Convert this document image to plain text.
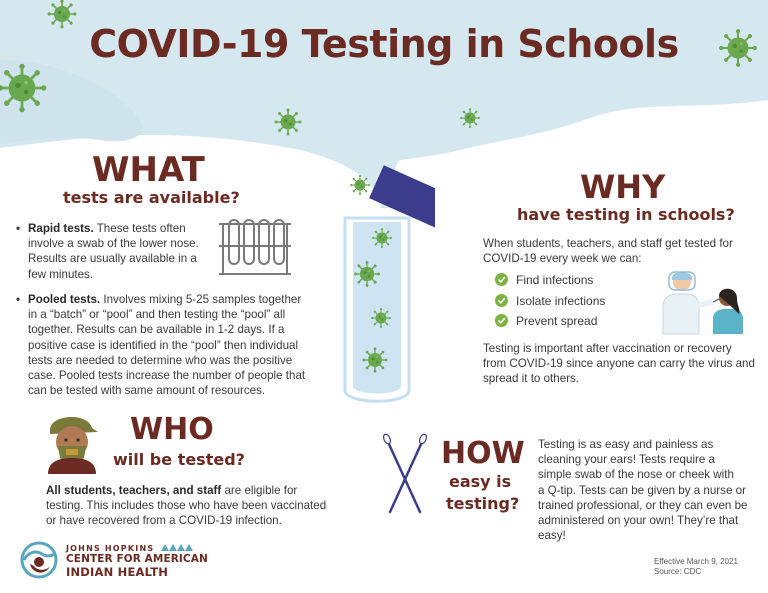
COVID-19 Testing in Schools
WHAT
tests are available?
• Rapid tests. These tests often
involve a swab of the lower nose.
Results are usually available in a
few minutes.
• Pooled tests. Involves mixing 5-25 samples together
in a “batch” or “pool” and then testing the “pool” all
together. Results can be available in 1-2 days. If a
positive case is identified in the “pool” then individual
tests are needed to determine who was the positive
case. Pooled tests increase the number of people that
can be tested with same amount of resources.
WHY
have testing in schools?
When students, teachers, and staff get tested for
COVID-19 every week we can:
Find infections
Isolate infections
Prevent spread
Testing is important after vaccination or recovery
from COVID-19 since anyone can carry the virus and
spread it to others.
WHO
will be tested?
All students, teachers, and staff are eligible for
testing. This includes those who have been vaccinated
or have recovered from a COVID-19 infection.
HOW
easy is
testing?
Testing is as easy and painless as
cleaning your ears! Tests require a
simple swab of the nose or cheek with
a Q-tip. Tests can be given by a nurse or
trained professional, or they can even be
administered on your own! They’re that
easy!
Effective March 9, 2021
Source: CDC
JOHNS HOPKINS
CENTER FOR AMERICAN
INDIAN HEALTH
